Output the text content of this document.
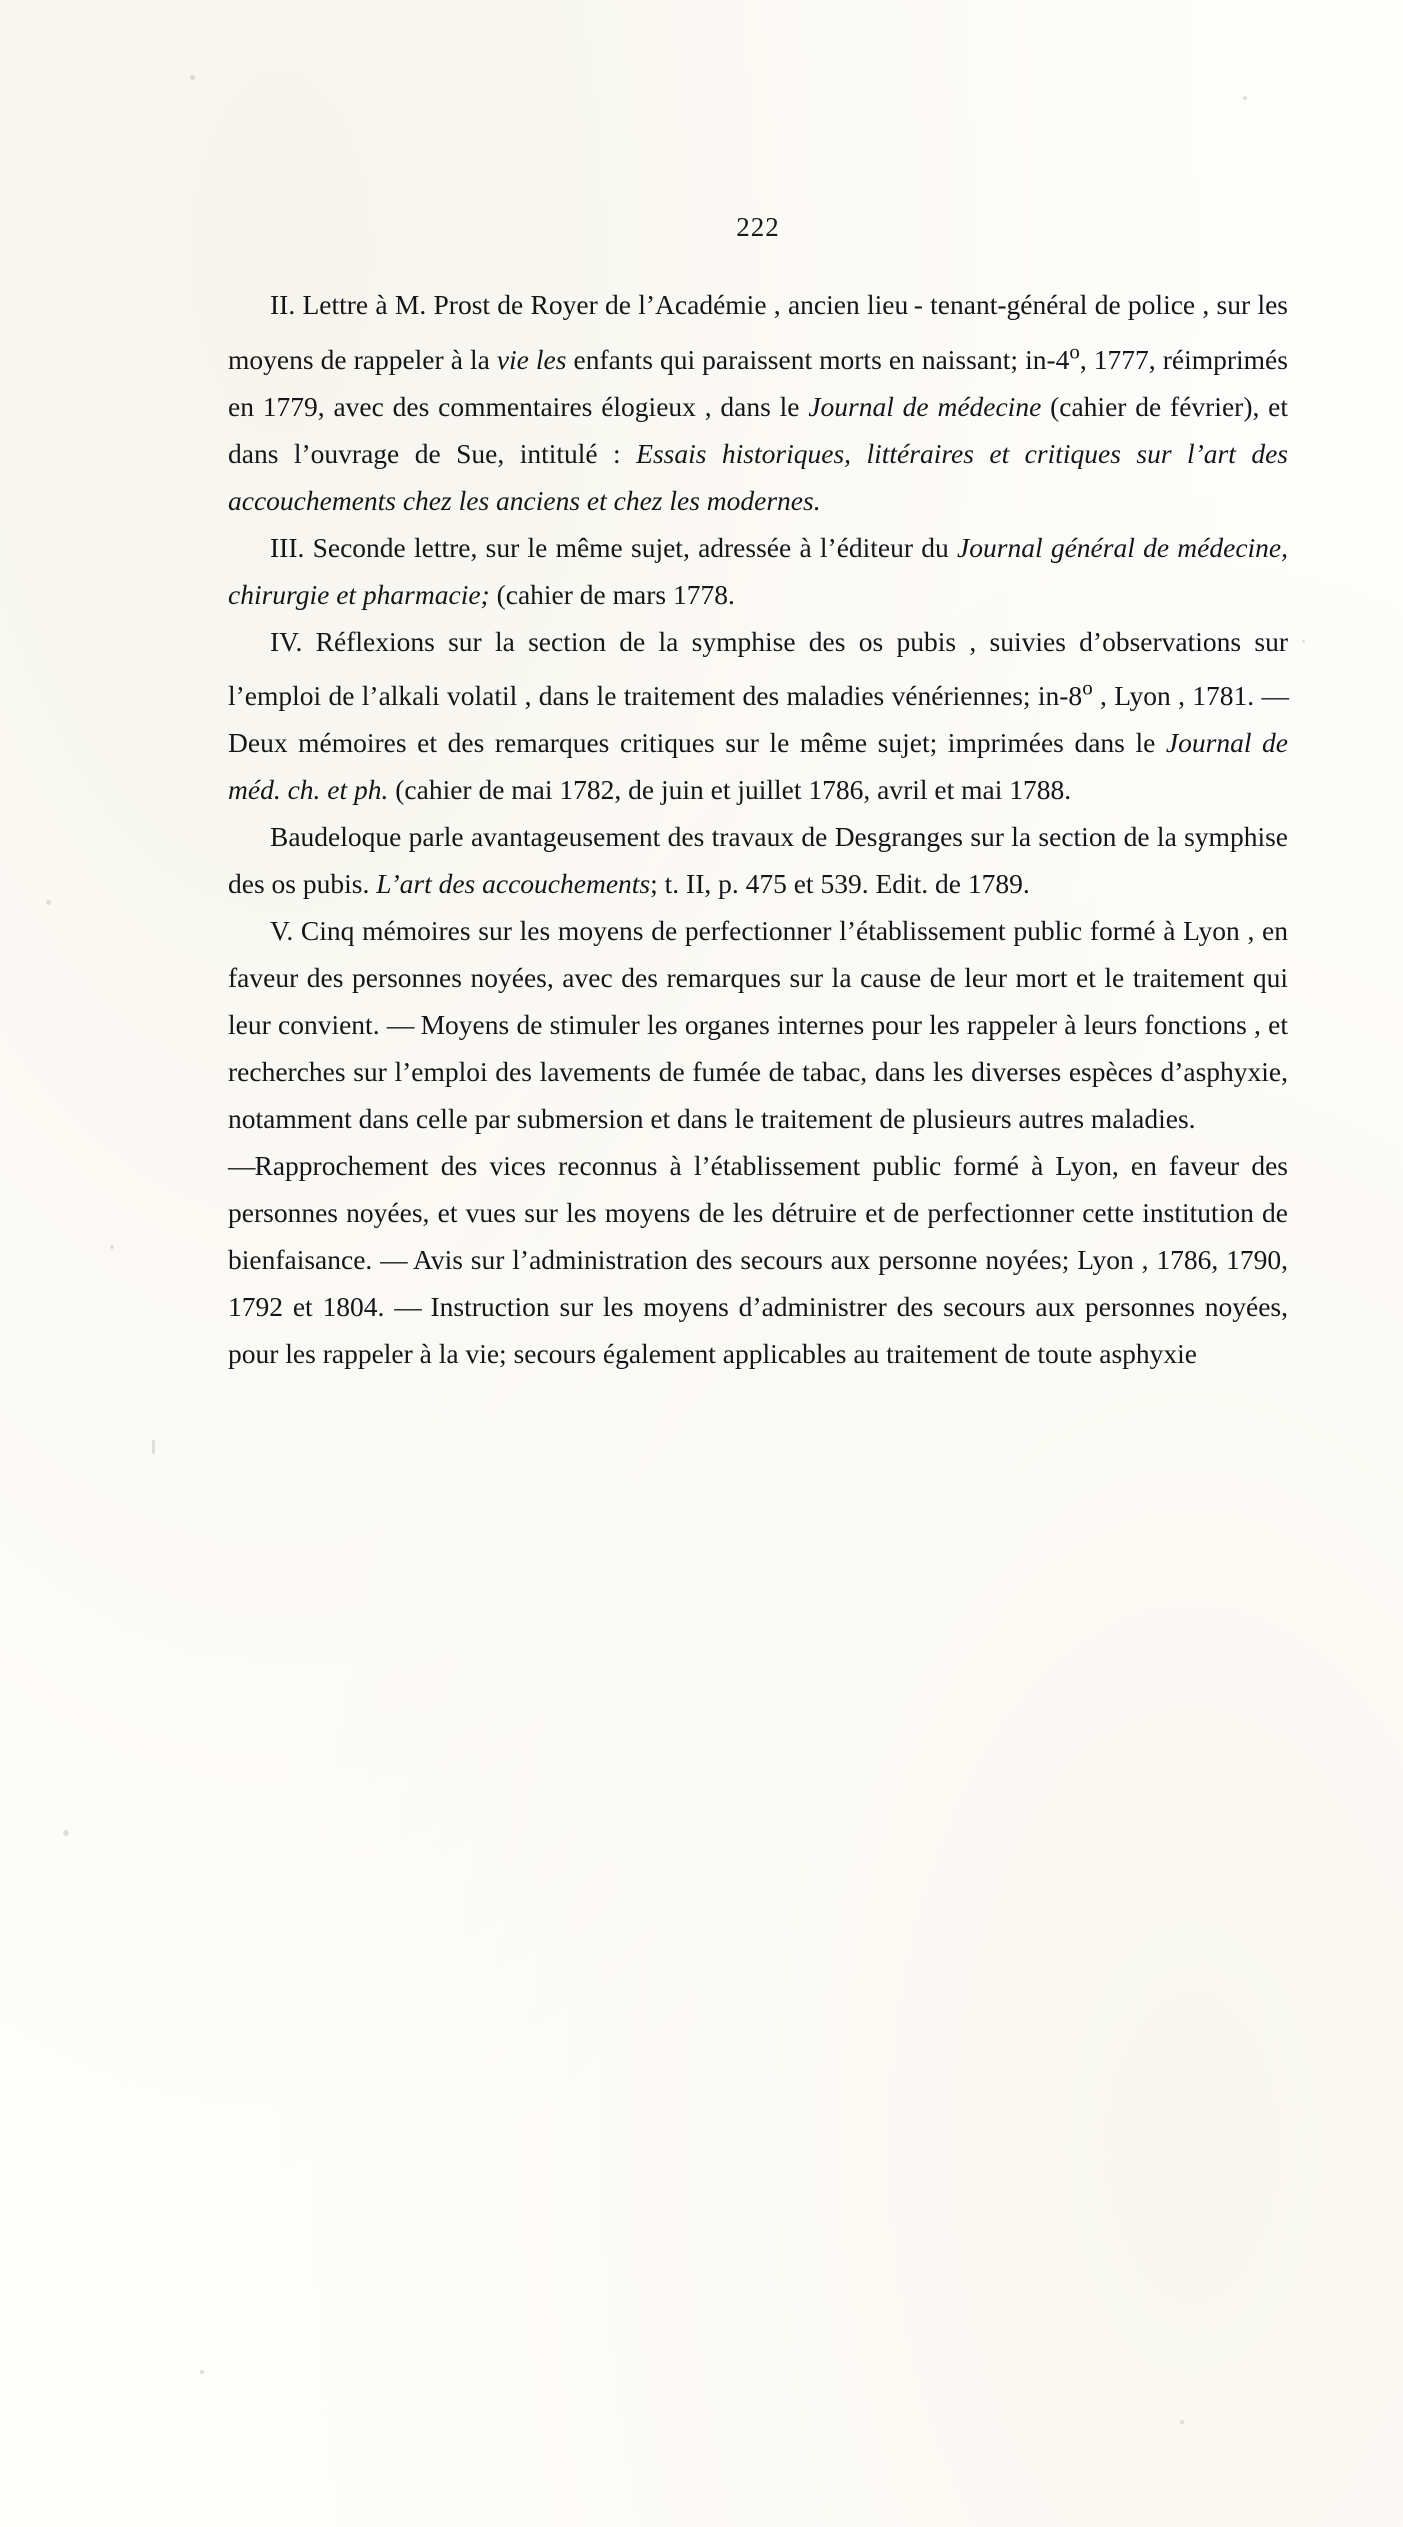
222

II. Lettre à M. Prost de Royer de l’Académie , ancien lieu - tenant-général de police , sur les moyens de rappeler à la vie les enfants qui paraissent morts en naissant; in-4$^o$, 1777, réimprimés en 1779, avec des commentaires élogieux , dans le Journal de médecine (cahier de février), et dans l’ouvrage de Sue, intitulé : Essais historiques, littéraires et critiques sur l’art des accouchements chez les anciens et chez les modernes.

III. Seconde lettre, sur le même sujet, adressée à l’éditeur du Journal général de médecine, chirurgie et pharmacie; (cahier de mars 1778.

IV. Réflexions sur la section de la symphise des os pubis , suivies d’observations sur l’emploi de l’alkali volatil , dans le traitement des maladies vénériennes; in-8$^o$ , Lyon , 1781. — Deux mémoires et des remarques critiques sur le même sujet; imprimées dans le Journal de méd. ch. et ph. (cahier de mai 1782, de juin et juillet 1786, avril et mai 1788.

Baudeloque parle avantageusement des travaux de Desgranges sur la section de la symphise des os pubis. L’art des accouchements; t. II, p. 475 et 539. Edit. de 1789.

V. Cinq mémoires sur les moyens de perfectionner l’établissement public formé à Lyon , en faveur des personnes noyées, avec des remarques sur la cause de leur mort et le traitement qui leur convient. — Moyens de stimuler les organes internes pour les rappeler à leurs fonctions , et recherches sur l’emploi des lavements de fumée de tabac, dans les diverses espèces d’asphyxie, notamment dans celle par submersion et dans le traitement de plusieurs autres maladies.

—Rapprochement des vices reconnus à l’établissement public formé à Lyon, en faveur des personnes noyées, et vues sur les moyens de les détruire et de perfectionner cette institution de bienfaisance. — Avis sur l’administration des secours aux personne noyées; Lyon , 1786, 1790, 1792 et 1804. — Instruction sur les moyens d’administrer des secours aux personnes noyées, pour les rappeler à la vie; secours également applicables au traitement de toute asphyxie
